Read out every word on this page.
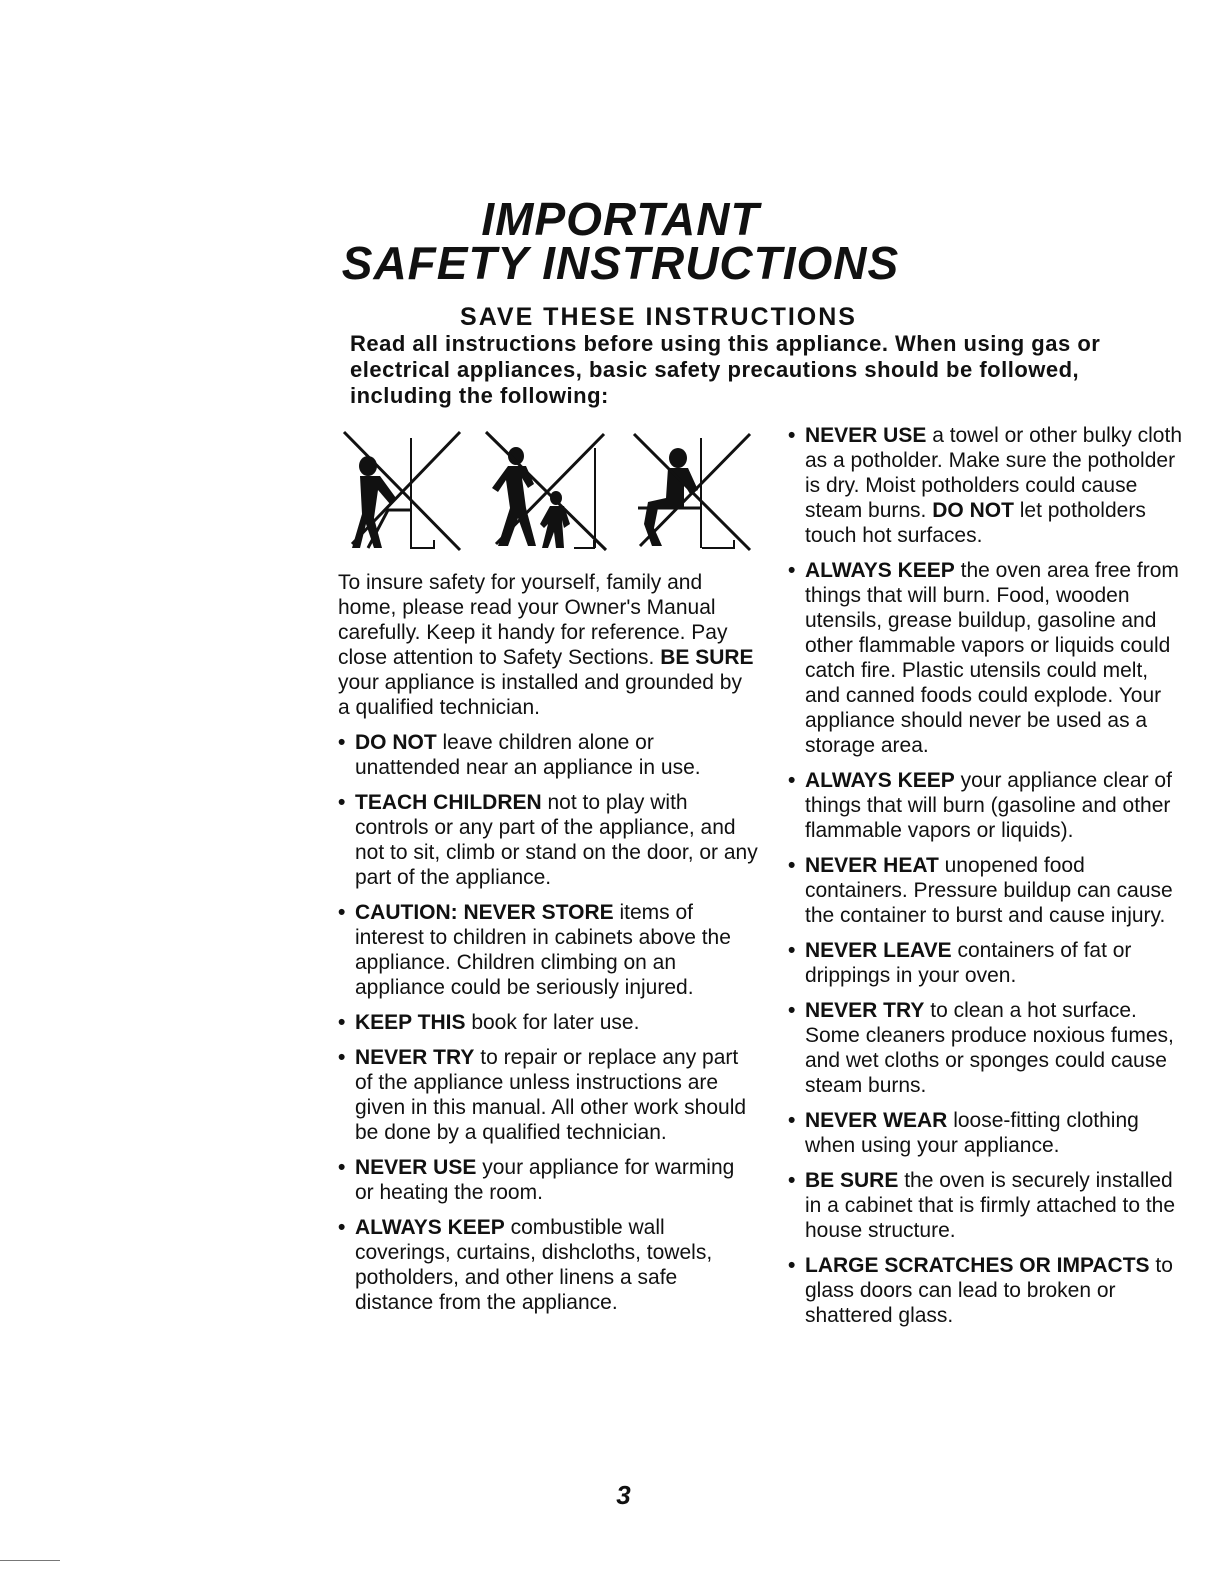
IMPORTANT
SAFETY INSTRUCTIONS
SAVE THESE INSTRUCTIONS
Read all instructions before using this appliance. When using gas or electrical appliances, basic safety precautions should be followed, including the following:

To insure safety for yourself, family and home, please read your Owner's Manual carefully. Keep it handy for reference. Pay close attention to Safety Sections. BE SURE your appliance is installed and grounded by a qualified technician.

• DO NOT leave children alone or unattended near an appliance in use.
• TEACH CHILDREN not to play with controls or any part of the appliance, and not to sit, climb or stand on the door, or any part of the appliance.
• CAUTION: NEVER STORE items of interest to children in cabinets above the appliance. Children climbing on an appliance could be seriously injured.
• KEEP THIS book for later use.
• NEVER TRY to repair or replace any part of the appliance unless instructions are given in this manual. All other work should be done by a qualified technician.
• NEVER USE your appliance for warming or heating the room.
• ALWAYS KEEP combustible wall coverings, curtains, dishcloths, towels, potholders, and other linens a safe distance from the appliance.
• NEVER USE a towel or other bulky cloth as a potholder. Make sure the potholder is dry. Moist potholders could cause steam burns. DO NOT let potholders touch hot surfaces.
• ALWAYS KEEP the oven area free from things that will burn. Food, wooden utensils, grease buildup, gasoline and other flammable vapors or liquids could catch fire. Plastic utensils could melt, and canned foods could explode. Your appliance should never be used as a storage area.
• ALWAYS KEEP your appliance clear of things that will burn (gasoline and other flammable vapors or liquids).
• NEVER HEAT unopened food containers. Pressure buildup can cause the container to burst and cause injury.
• NEVER LEAVE containers of fat or drippings in your oven.
• NEVER TRY to clean a hot surface. Some cleaners produce noxious fumes, and wet cloths or sponges could cause steam burns.
• NEVER WEAR loose-fitting clothing when using your appliance.
• BE SURE the oven is securely installed in a cabinet that is firmly attached to the house structure.
• LARGE SCRATCHES OR IMPACTS to glass doors can lead to broken or shattered glass.
3
